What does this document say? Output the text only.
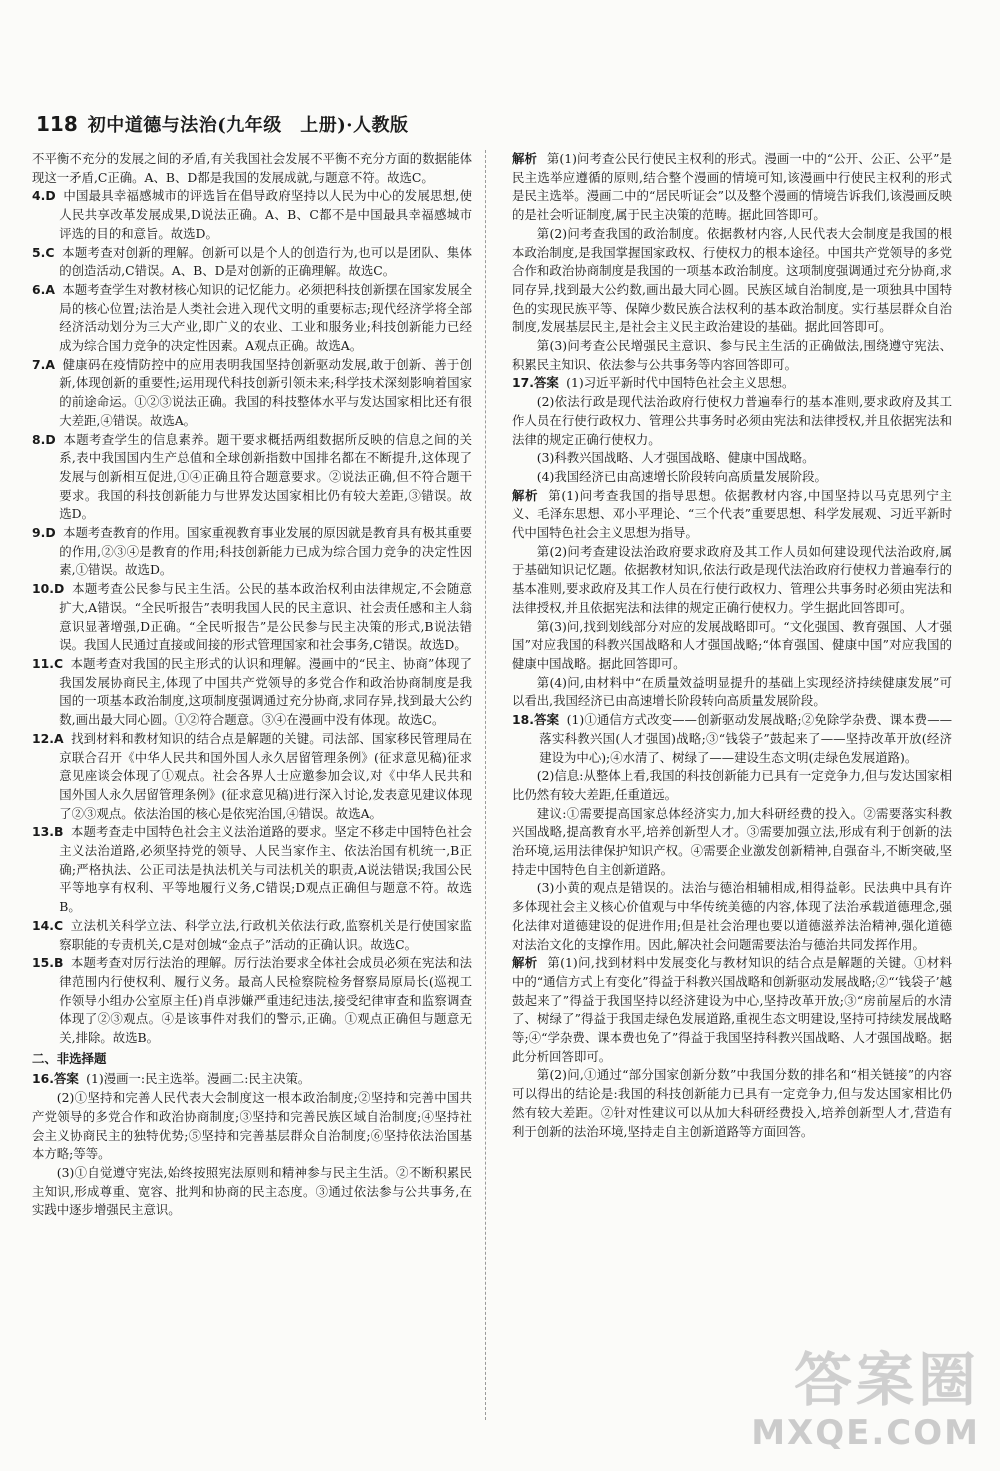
118 初中道德与法治(九年级　上册)·人教版

不平衡不充分的发展之间的矛盾,有关我国社会发展不平衡不充分方面的数据能体现这一矛盾,C正确。A、B、D都是我国的发展成就,与题意不符。故选C。

4.D 中国最具幸福感城市的评选旨在倡导政府坚持以人民为中心的发展思想,使人民共享改革发展成果,D说法正确。A、B、C都不是中国最具幸福感城市评选的目的和意旨。故选D。

5.C 本题考查对创新的理解。创新可以是个人的创造行为,也可以是团队、集体的创造活动,C错误。A、B、D是对创新的正确理解。故选C。

6.A 本题考查学生对教材核心知识的记忆能力。必须把科技创新摆在国家发展全局的核心位置;法治是人类社会进入现代文明的重要标志;现代经济学将全部经济活动划分为三大产业,即广义的农业、工业和服务业;科技创新能力已经成为综合国力竞争的决定性因素。A观点正确。故选A。

7.A 健康码在疫情防控中的应用表明我国坚持创新驱动发展,敢于创新、善于创新,体现创新的重要性;运用现代科技创新引领未来;科学技术深刻影响着国家的前途命运。①②③说法正确。我国的科技整体水平与发达国家相比还有很大差距,④错误。故选A。

8.D 本题考查学生的信息素养。题干要求概括两组数据所反映的信息之间的关系,表中我国国内生产总值和全球创新指数中国排名都在不断提升,这体现了发展与创新相互促进,①④正确且符合题意要求。②说法正确,但不符合题干要求。我国的科技创新能力与世界发达国家相比仍有较大差距,③错误。故选D。

9.D 本题考查教育的作用。国家重视教育事业发展的原因就是教育具有极其重要的作用,②③④是教育的作用;科技创新能力已成为综合国力竞争的决定性因素,①错误。故选D。

10.D 本题考查公民参与民主生活。公民的基本政治权利由法律规定,不会随意扩大,A错误。“全民听报告”表明我国人民的民主意识、社会责任感和主人翁意识显著增强,D正确。“全民听报告”是公民参与民主决策的形式,B说法错误。我国人民通过直接或间接的形式管理国家和社会事务,C错误。故选D。

11.C 本题考查对我国的民主形式的认识和理解。漫画中的“民主、协商”体现了我国发展协商民主,体现了中国共产党领导的多党合作和政治协商制度是我国的一项基本政治制度,这项制度强调通过充分协商,求同存异,找到最大公约数,画出最大同心圆。①②符合题意。③④在漫画中没有体现。故选C。

12.A 找到材料和教材知识的结合点是解题的关键。司法部、国家移民管理局在京联合召开《中华人民共和国外国人永久居留管理条例》(征求意见稿)征求意见座谈会体现了①观点。社会各界人士应邀参加会议,对《中华人民共和国外国人永久居留管理条例》(征求意见稿)进行深入讨论,发表意见建议体现了②③观点。依法治国的核心是依宪治国,④错误。故选A。

13.B 本题考查走中国特色社会主义法治道路的要求。坚定不移走中国特色社会主义法治道路,必须坚持党的领导、人民当家作主、依法治国有机统一,B正确;严格执法、公正司法是执法机关与司法机关的职责,A说法错误;我国公民平等地享有权利、平等地履行义务,C错误;D观点正确但与题意不符。故选B。

14.C 立法机关科学立法、科学立法,行政机关依法行政,监察机关是行使国家监察职能的专责机关,C是对创城“金点子”活动的正确认识。故选C。

15.B 本题考查对厉行法治的理解。厉行法治要求全体社会成员必须在宪法和法律范围内行使权利、履行义务。最高人民检察院检务督察局原局长(巡视工作领导小组办公室原主任)肖卓涉嫌严重违纪违法,接受纪律审查和监察调查体现了②③观点。④是该事件对我们的警示,正确。①观点正确但与题意无关,排除。故选B。

二、非选择题

16.答案 (1)漫画一:民主选举。漫画二:民主决策。

(2)①坚持和完善人民代表大会制度这一根本政治制度;②坚持和完善中国共产党领导的多党合作和政治协商制度;③坚持和完善民族区域自治制度;④坚持社会主义协商民主的独特优势;⑤坚持和完善基层群众自治制度;⑥坚持依法治国基本方略;等等。

(3)①自觉遵守宪法,始终按照宪法原则和精神参与民主生活。②不断积累民主知识,形成尊重、宽容、批判和协商的民主态度。③通过依法参与公共事务,在实践中逐步增强民主意识。

解析 第(1)问考查公民行使民主权利的形式。漫画一中的“公开、公正、公平”是民主选举应遵循的原则,结合整个漫画的情境可知,该漫画中行使民主权利的形式是民主选举。漫画二中的“居民听证会”以及整个漫画的情境告诉我们,该漫画反映的是社会听证制度,属于民主决策的范畴。据此回答即可。

第(2)问考查我国的政治制度。依据教材内容,人民代表大会制度是我国的根本政治制度,是我国掌握国家政权、行使权力的根本途径。中国共产党领导的多党合作和政治协商制度是我国的一项基本政治制度。这项制度强调通过充分协商,求同存异,找到最大公约数,画出最大同心圆。民族区域自治制度,是一项独具中国特色的实现民族平等、保障少数民族合法权利的基本政治制度。实行基层群众自治制度,发展基层民主,是社会主义民主政治建设的基础。据此回答即可。

第(3)问考查公民增强民主意识、参与民主生活的正确做法,围绕遵守宪法、积累民主知识、依法参与公共事务等内容回答即可。

17.答案 (1)习近平新时代中国特色社会主义思想。

(2)依法行政是现代法治政府行使权力普遍奉行的基本准则,要求政府及其工作人员在行使行政权力、管理公共事务时必须由宪法和法律授权,并且依据宪法和法律的规定正确行使权力。

(3)科教兴国战略、人才强国战略、健康中国战略。

(4)我国经济已由高速增长阶段转向高质量发展阶段。

解析 第(1)问考查我国的指导思想。依据教材内容,中国坚持以马克思列宁主义、毛泽东思想、邓小平理论、“三个代表”重要思想、科学发展观、习近平新时代中国特色社会主义思想为指导。

第(2)问考查建设法治政府要求政府及其工作人员如何建设现代法治政府,属于基础知识记忆题。依据教材知识,依法行政是现代法治政府行使权力普遍奉行的基本准则,要求政府及其工作人员在行使行政权力、管理公共事务时必须由宪法和法律授权,并且依据宪法和法律的规定正确行使权力。学生据此回答即可。

第(3)问,找到划线部分对应的发展战略即可。“文化强国、教育强国、人才强国”对应我国的科教兴国战略和人才强国战略;“体育强国、健康中国”对应我国的健康中国战略。据此回答即可。

第(4)问,由材料中“在质量效益明显提升的基础上实现经济持续健康发展”可以看出,我国经济已由高速增长阶段转向高质量发展阶段。

18.答案 (1)①通信方式改变——创新驱动发展战略;②免除学杂费、课本费——落实科教兴国(人才强国)战略;③“钱袋子”鼓起来了——坚持改革开放(经济建设为中心);④水清了、树绿了——建设生态文明(走绿色发展道路)。

(2)信息:从整体上看,我国的科技创新能力已具有一定竞争力,但与发达国家相比仍然有较大差距,任重道远。

建议:①需要提高国家总体经济实力,加大科研经费的投入。②需要落实科教兴国战略,提高教育水平,培养创新型人才。③需要加强立法,形成有利于创新的法治环境,运用法律保护知识产权。④需要企业激发创新精神,自强奋斗,不断突破,坚持走中国特色自主创新道路。

(3)小黄的观点是错误的。法治与德治相辅相成,相得益彰。民法典中具有许多体现社会主义核心价值观与中华传统美德的内容,体现了法治承载道德理念,强化法律对道德建设的促进作用;但是社会治理也要以道德滋养法治精神,强化道德对法治文化的支撑作用。因此,解决社会问题需要法治与德治共同发挥作用。

解析 第(1)问,找到材料中发展变化与教材知识的结合点是解题的关键。①材料中的“通信方式上有变化”得益于科教兴国战略和创新驱动发展战略;②“‘钱袋子’越鼓起来了”得益于我国坚持以经济建设为中心,坚持改革开放;③“房前屋后的水清了、树绿了”得益于我国走绿色发展道路,重视生态文明建设,坚持可持续发展战略等;④“学杂费、课本费也免了”得益于我国坚持科教兴国战略、人才强国战略。据此分析回答即可。

第(2)问,①通过“部分国家创新分数”中我国分数的排名和“相关链接”的内容可以得出的结论是:我国的科技创新能力已具有一定竞争力,但与发达国家相比仍然有较大差距。②针对性建议可以从加大科研经费投入,培养创新型人才,营造有利于创新的法治环境,坚持走自主创新道路等方面回答。

答案圈
MXQE.COM
